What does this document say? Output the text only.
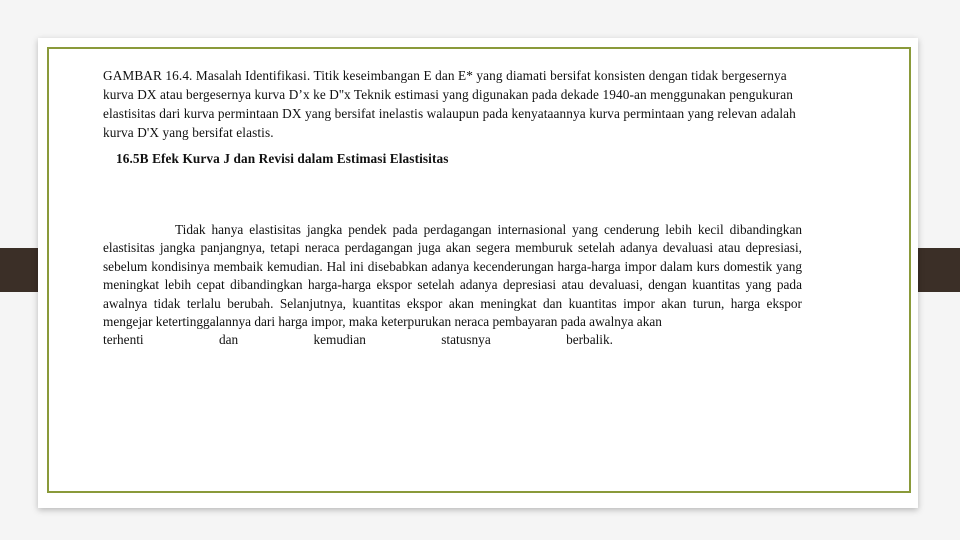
GAMBAR 16.4. Masalah Identifikasi. Titik keseimbangan E dan E* yang diamati bersifat konsisten dengan tidak bergesernya kurva DX atau bergesernya kurva D’x ke D''x Teknik estimasi yang digunakan pada dekade 1940-an menggunakan pengukuran elastisitas dari kurva permintaan DX yang bersifat inelastis walaupun pada kenyataannya kurva permintaan yang relevan adalah kurva D'X yang bersifat elastis.

16.5B Efek Kurva J dan Revisi dalam Estimasi Elastisitas

Tidak hanya elastisitas jangka pendek pada perdagangan internasional yang cenderung lebih kecil dibandingkan elastisitas jangka panjangnya, tetapi neraca perdagangan juga akan segera memburuk setelah adanya devaluasi atau depresiasi, sebelum kondisinya membaik kemudian. Hal ini disebabkan adanya kecenderungan harga-harga impor dalam kurs domestik yang meningkat lebih cepat dibandingkan harga-harga ekspor setelah adanya depresiasi atau devaluasi, dengan kuantitas yang pada awalnya tidak terlalu berubah. Selanjutnya, kuantitas ekspor akan meningkat dan kuantitas impor akan turun, harga ekspor mengejar ketertinggalannya dari harga impor, maka keterpurukan neraca pembayaran pada awalnya akan

terhenti	dan	kemudian	statusnya	berbalik.
